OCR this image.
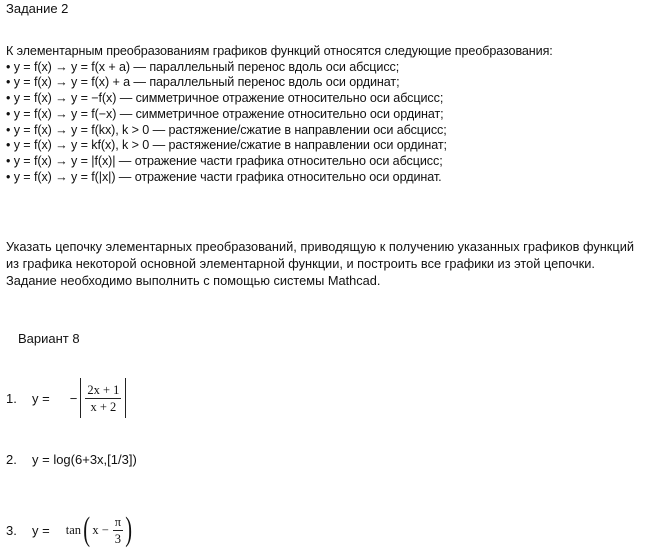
Задание 2
К элементарным преобразованиям графиков функций относятся следующие преобразования:
• y = f(x) → y = f(x + a) — параллельный перенос вдоль оси абсцисс;
• y = f(x) → y = f(x) + a — параллельный перенос вдоль оси ординат;
• y = f(x) → y = −f(x) — симметричное отражение относительно оси абсцисс;
• y = f(x) → y = f(−x) — симметричное отражение относительно оси ординат;
• y = f(x) → y = f(kx), k > 0 — растяжение/сжатие в направлении оси абсцисс;
• y = f(x) → y = kf(x), k > 0 — растяжение/сжатие в направлении оси ординат;
• y = f(x) → y = |f(x)| — отражение части графика относительно оси абсцисс;
• y = f(x) → y = f(|x|) — отражение части графика относительно оси ординат.
Указать цепочку элементарных преобразований, приводящую к получению указанных графиков функций из графика некоторой основной элементарной функции, и построить все графики из этой цепочки. Задание необходимо выполнить с помощью системы Mathcad.
Вариант 8
1.	y = − $\frac{2x + 1}{x + 2}$
2.	y = log(6+3x,[1/3])
3.	y = tan ( $x - \frac{\pi}{3}$ )
